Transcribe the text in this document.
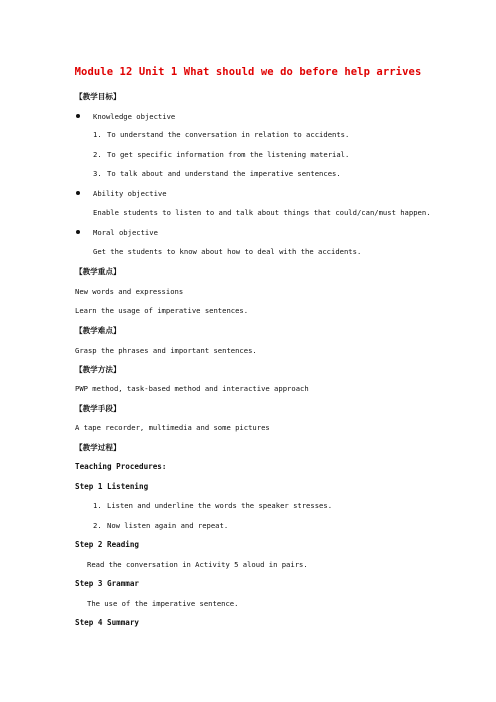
Module 12 Unit 1 What should we do before help arrives
【教学目标】
Knowledge objective
1. To understand the conversation in relation to accidents.
2. To get specific information from the listening material.
3. To talk about and understand the imperative sentences.
Ability objective
Enable students to listen to and talk about things that could/can/must happen.
Moral objective
Get the students to know about how to deal with the accidents.
【教学重点】
New words and expressions
Learn the usage of imperative sentences.
【教学难点】
Grasp the phrases and important sentences.
【教学方法】
PWP method, task-based method and interactive approach
【教学手段】
A tape recorder, multimedia and some pictures
【教学过程】
Teaching Procedures:
Step 1 Listening
1. Listen and underline the words the speaker stresses.
2. Now listen again and repeat.
Step 2 Reading
Read the conversation in Activity 5 aloud in pairs.
Step 3 Grammar
The use of the imperative sentence.
Step 4 Summary
